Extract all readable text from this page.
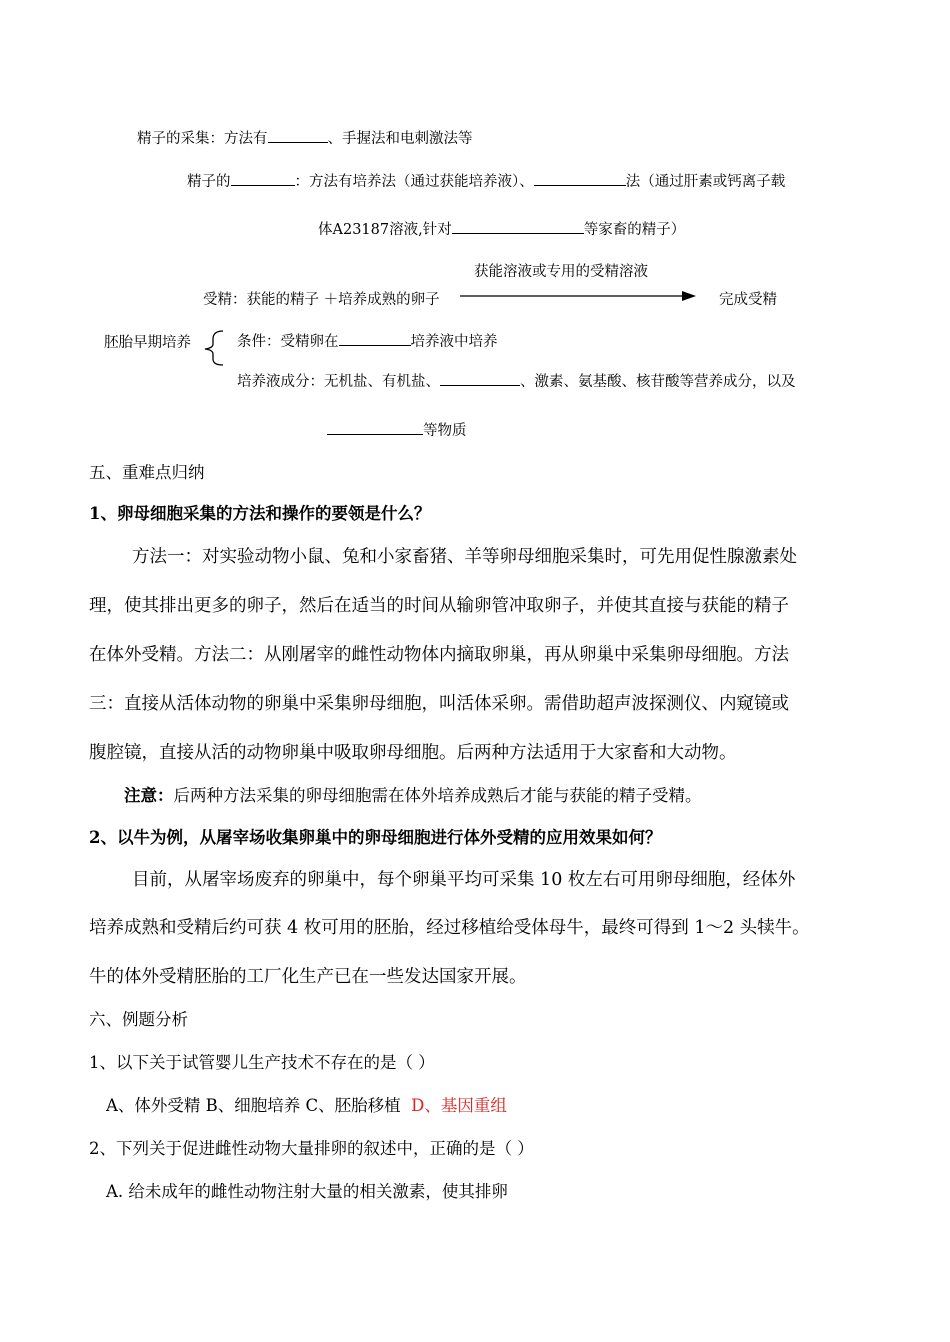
精子的采集：方法有	、手握法和电刺激法等
精子的	：方法有培养法（通过获能培养液）、	法（通过肝素或钙离子载
体A23187溶液,针对	等家畜的精子）
获能溶液或专用的受精溶液
受精：获能的精子 ＋培养成熟的卵子	完成受精
胚胎早期培养	条件：受精卵在	培养液中培养
培养液成分：无机盐、有机盐、	、激素、氨基酸、核苷酸等营养成分，以及
等物质
五、重难点归纳
1、卵母细胞采集的方法和操作的要领是什么？
方法一：对实验动物小鼠、兔和小家畜猪、羊等卵母细胞采集时，可先用促性腺激素处
理，使其排出更多的卵子，然后在适当的时间从输卵管冲取卵子，并使其直接与获能的精子
在体外受精。方法二：从刚屠宰的雌性动物体内摘取卵巢，再从卵巢中采集卵母细胞。方法
三：直接从活体动物的卵巢中采集卵母细胞，叫活体采卵。需借助超声波探测仪、内窥镜或
腹腔镜，直接从活的动物卵巢中吸取卵母细胞。后两种方法适用于大家畜和大动物。
注意：后两种方法采集的卵母细胞需在体外培养成熟后才能与获能的精子受精。
2、以牛为例，从屠宰场收集卵巢中的卵母细胞进行体外受精的应用效果如何？
目前，从屠宰场废弃的卵巢中，每个卵巢平均可采集 10 枚左右可用卵母细胞，经体外
培养成熟和受精后约可获 4 枚可用的胚胎，经过移植给受体母牛，最终可得到 1～2 头犊牛。
牛的体外受精胚胎的工厂化生产已在一些发达国家开展。
六、例题分析
1、以下关于试管婴儿生产技术不存在的是（ ）
A、体外受精 B、细胞培养 C、胚胎移植 D、基因重组
2、下列关于促进雌性动物大量排卵的叙述中，正确的是（ ）
A. 给未成年的雌性动物注射大量的相关激素，使其排卵
